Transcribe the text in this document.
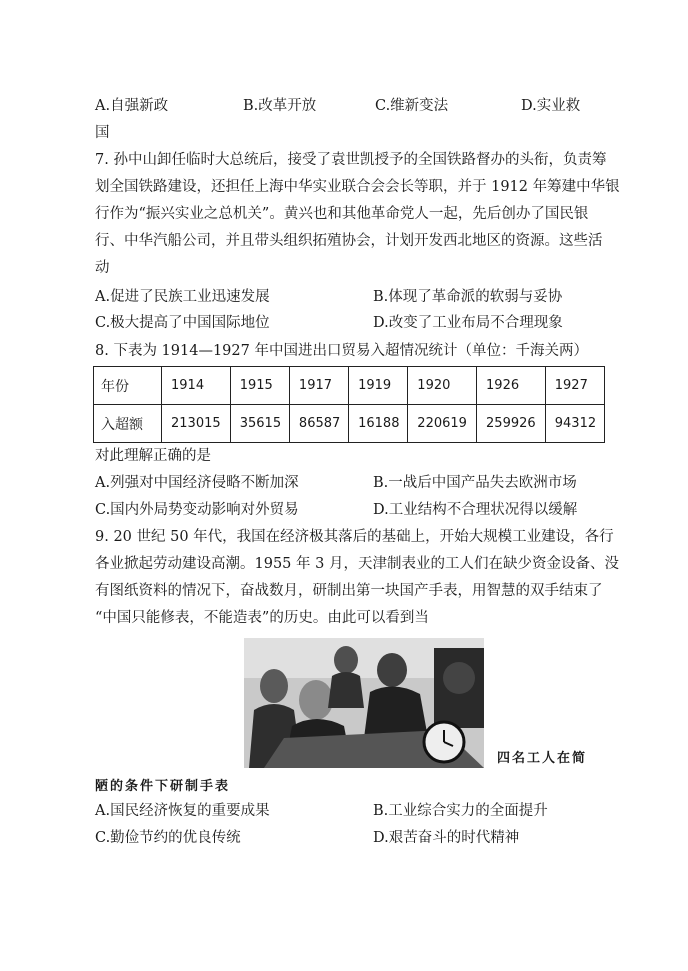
A.自强新政	B.改革开放	C.维新变法	D.实业救
国
7. 孙中山卸任临时大总统后，接受了袁世凯授予的全国铁路督办的头衔，负责筹
划全国铁路建设，还担任上海中华实业联合会会长等职，并于 1912 年筹建中华银
行作为“振兴实业之总机关”。黄兴也和其他革命党人一起，先后创办了国民银
行、中华汽船公司，并且带头组织拓殖协会，计划开发西北地区的资源。这些活
动
A.促进了民族工业迅速发展	B.体现了革命派的软弱与妥协
C.极大提高了中国国际地位	D.改变了工业布局不合理现象
8. 下表为 1914—1927 年中国进出口贸易入超情况统计（单位：千海关两）
年份	1914	1915	1917	1919	1920	1926	1927
入超额	213015	35615	86587	16188	220619	259926	94312
对此理解正确的是
A.列强对中国经济侵略不断加深	B.一战后中国产品失去欧洲市场
C.国内外局势变动影响对外贸易	D.工业结构不合理状况得以缓解
9. 20 世纪 50 年代，我国在经济极其落后的基础上，开始大规模工业建设，各行
各业掀起劳动建设高潮。1955 年 3 月，天津制表业的工人们在缺少资金设备、没
有图纸资料的情况下，奋战数月，研制出第一块国产手表，用智慧的双手结束了
“中国只能修表，不能造表”的历史。由此可以看到当
四名工人在简
陋的条件下研制手表
A.国民经济恢复的重要成果	B.工业综合实力的全面提升
C.勤俭节约的优良传统	D.艰苦奋斗的时代精神
